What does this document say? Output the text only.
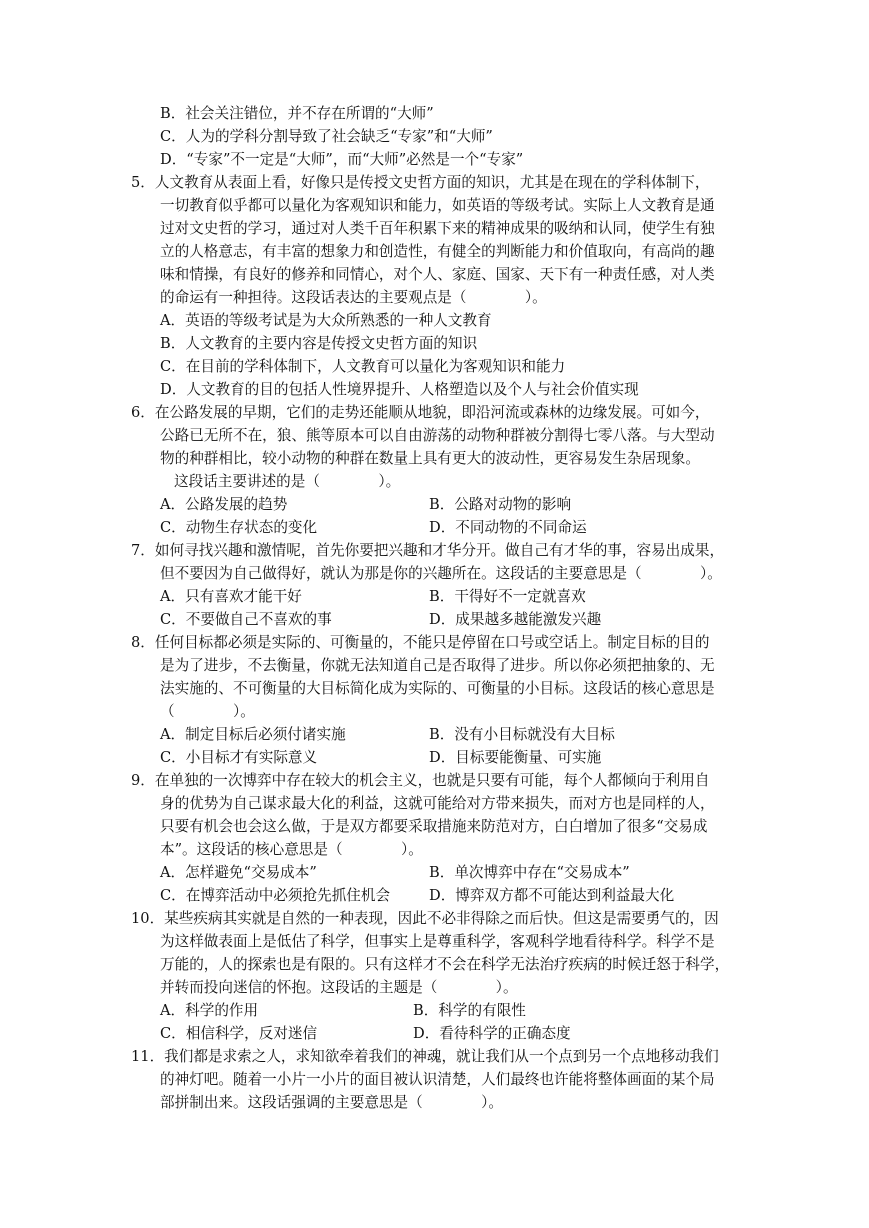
B．社会关注错位，并不存在所谓的“大师”
C．人为的学科分割导致了社会缺乏“专家”和“大师”
D．“专家”不一定是“大师”，而“大师”必然是一个“专家”
5．人文教育从表面上看，好像只是传授文史哲方面的知识，尤其是在现在的学科体制下，
一切教育似乎都可以量化为客观知识和能力，如英语的等级考试。实际上人文教育是通
过对文史哲的学习，通过对人类千百年积累下来的精神成果的吸纳和认同，使学生有独
立的人格意志，有丰富的想象力和创造性，有健全的判断能力和价值取向，有高尚的趣
味和情操，有良好的修养和同情心，对个人、家庭、国家、天下有一种责任感，对人类
的命运有一种担待。这段话表达的主要观点是（　　　　）。
A．英语的等级考试是为大众所熟悉的一种人文教育
B．人文教育的主要内容是传授文史哲方面的知识
C．在目前的学科体制下，人文教育可以量化为客观知识和能力
D．人文教育的目的包括人性境界提升、人格塑造以及个人与社会价值实现
6．在公路发展的早期，它们的走势还能顺从地貌，即沿河流或森林的边缘发展。可如今，
公路已无所不在，狼、熊等原本可以自由游荡的动物种群被分割得七零八落。与大型动
物的种群相比，较小动物的种群在数量上具有更大的波动性，更容易发生杂居现象。
这段话主要讲述的是（　　　　）。
A．公路发展的趋势	B．公路对动物的影响
C．动物生存状态的变化	D．不同动物的不同命运
7．如何寻找兴趣和激情呢，首先你要把兴趣和才华分开。做自己有才华的事，容易出成果，
但不要因为自己做得好，就认为那是你的兴趣所在。这段话的主要意思是（　　　　）。
A．只有喜欢才能干好	B．干得好不一定就喜欢
C．不要做自己不喜欢的事	D．成果越多越能激发兴趣
8．任何目标都必须是实际的、可衡量的，不能只是停留在口号或空话上。制定目标的目的
是为了进步，不去衡量，你就无法知道自己是否取得了进步。所以你必须把抽象的、无
法实施的、不可衡量的大目标简化成为实际的、可衡量的小目标。这段话的核心意思是
（　　　　）。
A．制定目标后必须付诸实施	B．没有小目标就没有大目标
C．小目标才有实际意义	D．目标要能衡量、可实施
9．在单独的一次博弈中存在较大的机会主义，也就是只要有可能，每个人都倾向于利用自
身的优势为自己谋求最大化的利益，这就可能给对方带来损失，而对方也是同样的人，
只要有机会也会这么做，于是双方都要采取措施来防范对方，白白增加了很多“交易成
本”。这段话的核心意思是（　　　　）。
A．怎样避免“交易成本”	B．单次博弈中存在“交易成本”
C．在博弈活动中必须抢先抓住机会	D．博弈双方都不可能达到利益最大化
10．某些疾病其实就是自然的一种表现，因此不必非得除之而后快。但这是需要勇气的，因
为这样做表面上是低估了科学，但事实上是尊重科学，客观科学地看待科学。科学不是
万能的，人的探索也是有限的。只有这样才不会在科学无法治疗疾病的时候迁怒于科学，
并转而投向迷信的怀抱。这段话的主题是（　　　　）。
A．科学的作用	B．科学的有限性
C．相信科学，反对迷信	D．看待科学的正确态度
11．我们都是求索之人，求知欲牵着我们的神魂，就让我们从一个点到另一个点地移动我们
的神灯吧。随着一小片一小片的面目被认识清楚，人们最终也许能将整体画面的某个局
部拼制出来。这段话强调的主要意思是（　　　　）。
